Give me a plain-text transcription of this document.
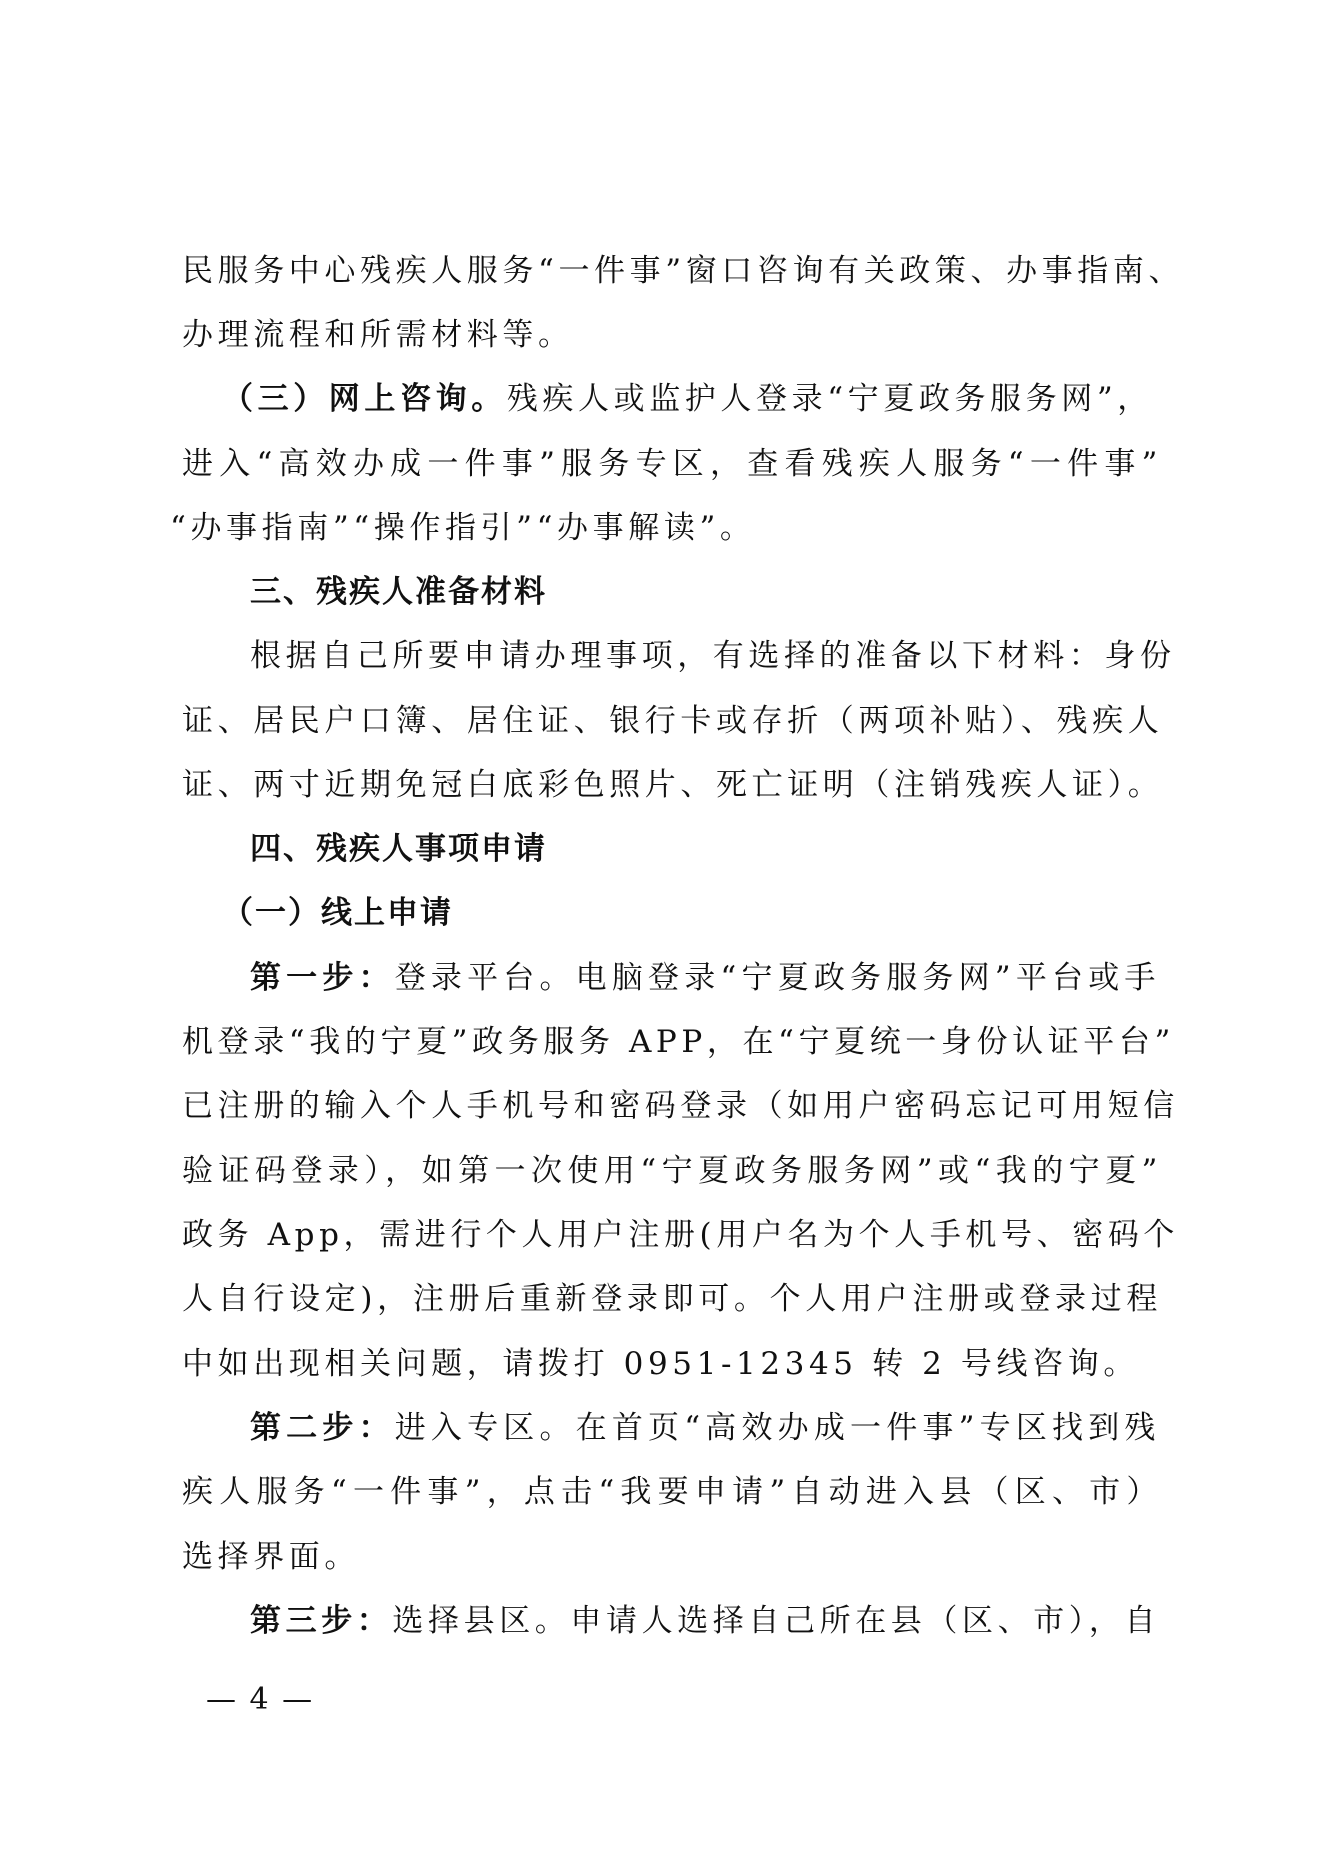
民服务中心残疾人服务“一件事”窗口咨询有关政策、办事指南、
办理流程和所需材料等。
（三）网上咨询。残疾人或监护人登录“宁夏政务服务网”，
进入“高效办成一件事”服务专区，查看残疾人服务“一件事”
“办事指南”“操作指引”“办事解读”。
三、残疾人准备材料
根据自己所要申请办理事项，有选择的准备以下材料：身份
证、居民户口簿、居住证、银行卡或存折（两项补贴）、残疾人
证、两寸近期免冠白底彩色照片、死亡证明（注销残疾人证）。
四、残疾人事项申请
（一）线上申请
第一步：登录平台。电脑登录“宁夏政务服务网”平台或手
机登录“我的宁夏”政务服务 APP，在“宁夏统一身份认证平台”
已注册的输入个人手机号和密码登录（如用户密码忘记可用短信
验证码登录），如第一次使用“宁夏政务服务网”或“我的宁夏”
政务 App，需进行个人用户注册(用户名为个人手机号、密码个
人自行设定)，注册后重新登录即可。个人用户注册或登录过程
中如出现相关问题，请拨打 0951-12345 转 2 号线咨询。
第二步：进入专区。在首页“高效办成一件事”专区找到残
疾人服务“一件事”，点击“我要申请”自动进入县（区、市）
选择界面。
第三步：选择县区。申请人选择自己所在县（区、市），自
— 4 —
